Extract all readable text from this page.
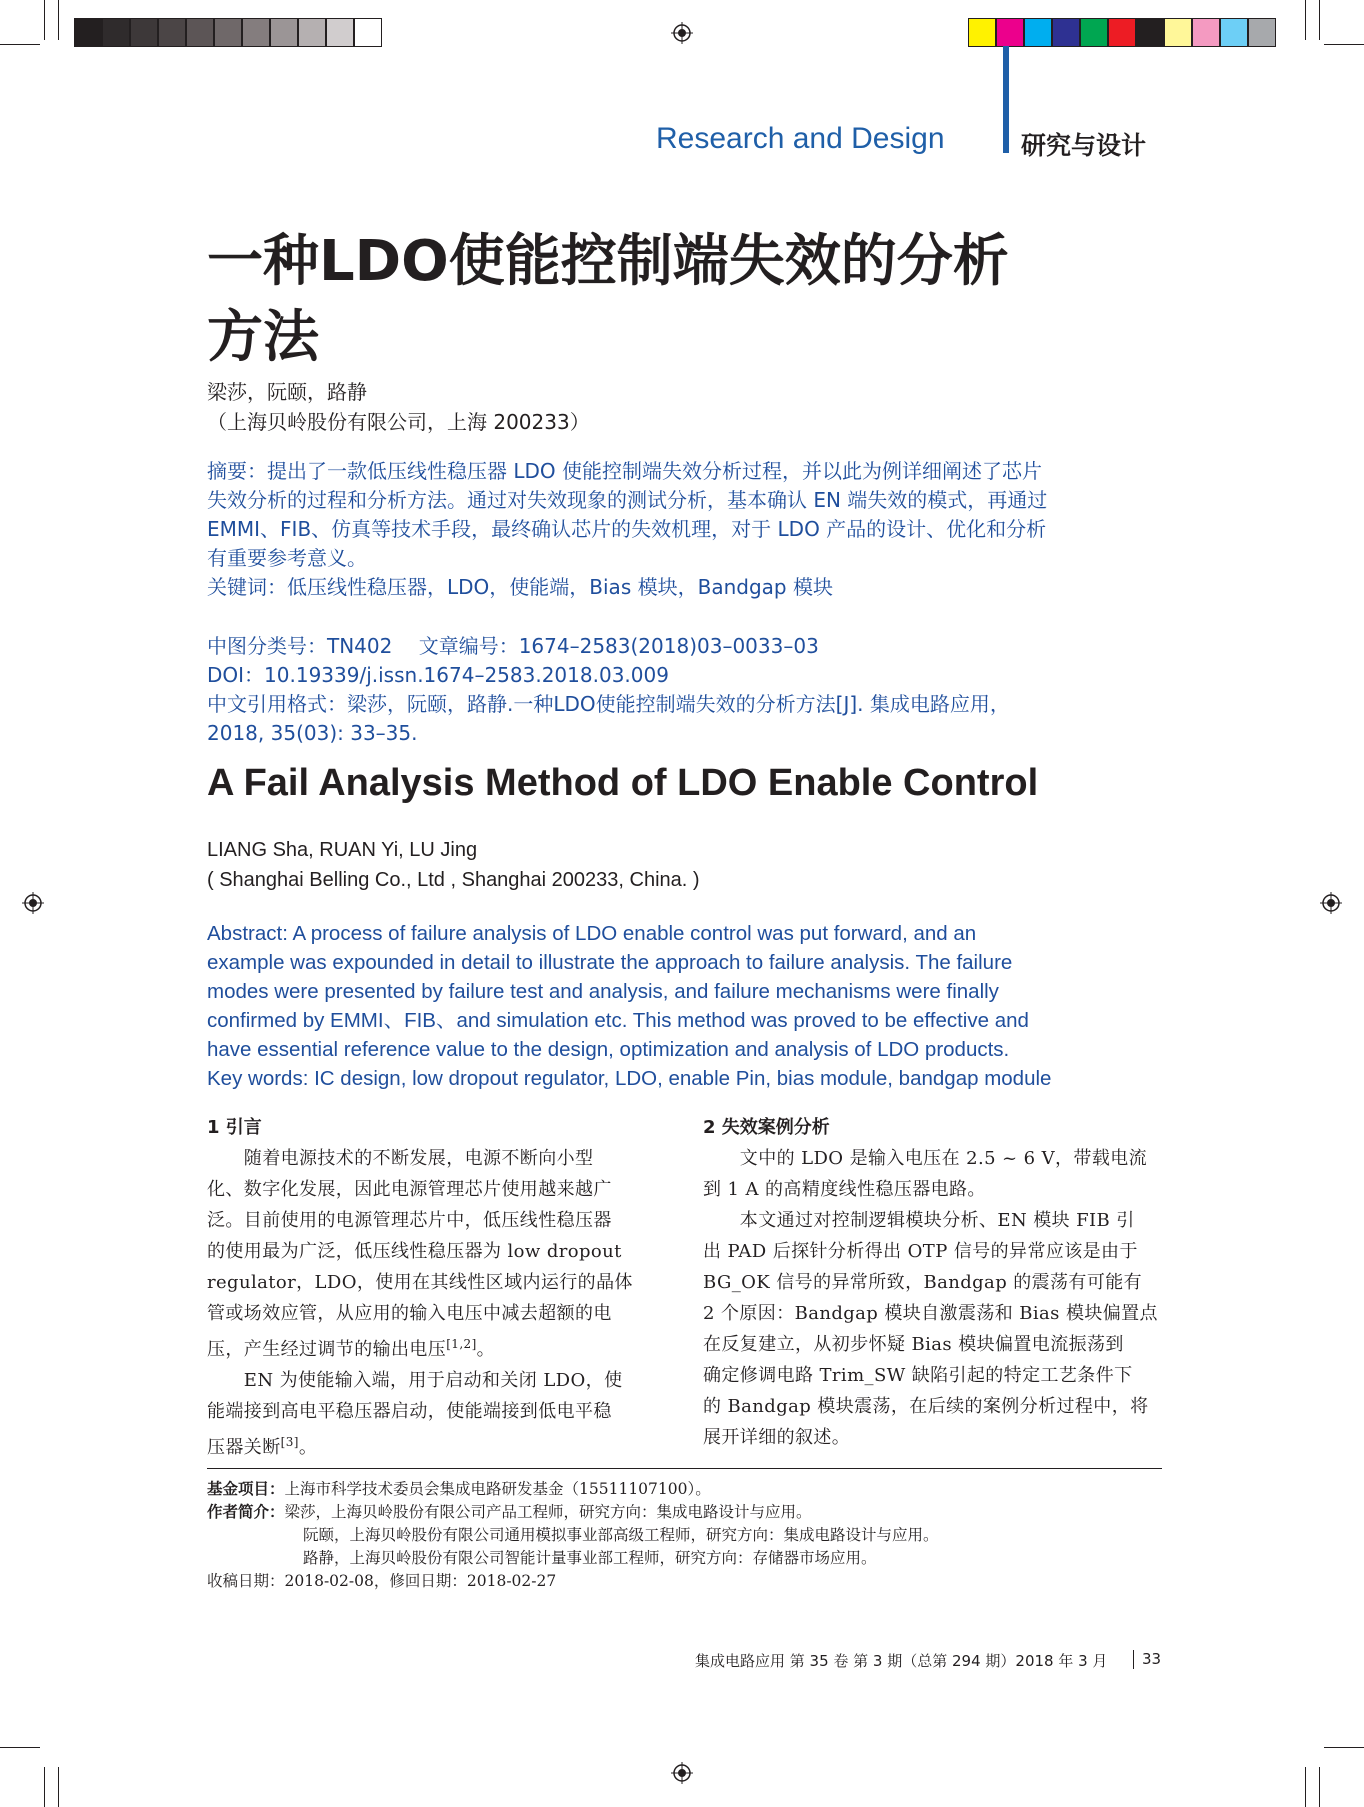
Research and Design	研究与设计
一种LDO使能控制端失效的分析
方法
梁莎，阮颐，路静
（上海贝岭股份有限公司，上海 200233）
摘要：提出了一款低压线性稳压器 LDO 使能控制端失效分析过程，并以此为例详细阐述了芯片
失效分析的过程和分析方法。通过对失效现象的测试分析，基本确认 EN 端失效的模式，再通过
EMMI、FIB、仿真等技术手段，最终确认芯片的失效机理，对于 LDO 产品的设计、优化和分析
有重要参考意义。
关键词：低压线性稳压器，LDO，使能端，Bias 模块，Bandgap 模块
中图分类号：TN402　 文章编号：1674–2583(2018)03–0033–03
DOI：10.19339/j.issn.1674–2583.2018.03.009
中文引用格式：梁莎，阮颐，路静.一种LDO使能控制端失效的分析方法[J]. 集成电路应用，
2018, 35(03): 33–35.
A Fail Analysis Method of LDO Enable Control
LIANG Sha, RUAN Yi, LU Jing
( Shanghai Belling Co., Ltd , Shanghai 200233, China. )
Abstract: A process of failure analysis of LDO enable control was put forward, and an
example was expounded in detail to illustrate the approach to failure analysis. The failure
modes were presented by failure test and analysis, and failure mechanisms were finally
confirmed by EMMI、FIB、and simulation etc. This method was proved to be effective and
have essential reference value to the design, optimization and analysis of LDO products.
Key words: IC design, low dropout regulator, LDO, enable Pin, bias module, bandgap module
1 引言
　　随着电源技术的不断发展，电源不断向小型
化、数字化发展，因此电源管理芯片使用越来越广
泛。目前使用的电源管理芯片中，低压线性稳压器
的使用最为广泛，低压线性稳压器为 low dropout
regulator，LDO，使用在其线性区域内运行的晶体
管或场效应管，从应用的输入电压中减去超额的电
压，产生经过调节的输出电压[1,2]。
　　EN 为使能输入端，用于启动和关闭 LDO，使
能端接到高电平稳压器启动，使能端接到低电平稳
压器关断[3]。
2 失效案例分析
　　文中的 LDO 是输入电压在 2.5 ~ 6 V，带载电流
到 1 A 的高精度线性稳压器电路。
　　本文通过对控制逻辑模块分析、EN 模块 FIB 引
出 PAD 后探针分析得出 OTP 信号的异常应该是由于
BG_OK 信号的异常所致，Bandgap 的震荡有可能有
2 个原因：Bandgap 模块自激震荡和 Bias 模块偏置点
在反复建立，从初步怀疑 Bias 模块偏置电流振荡到
确定修调电路 Trim_SW 缺陷引起的特定工艺条件下
的 Bandgap 模块震荡，在后续的案例分析过程中，将
展开详细的叙述。
基金项目：上海市科学技术委员会集成电路研发基金（15511107100）。
作者简介：梁莎，上海贝岭股份有限公司产品工程师，研究方向：集成电路设计与应用。
阮颐，上海贝岭股份有限公司通用模拟事业部高级工程师，研究方向：集成电路设计与应用。
路静，上海贝岭股份有限公司智能计量事业部工程师，研究方向：存储器市场应用。
收稿日期：2018-02-08，修回日期：2018-02-27
集成电路应用 第 35 卷 第 3 期（总第 294 期）2018 年 3 月 33
